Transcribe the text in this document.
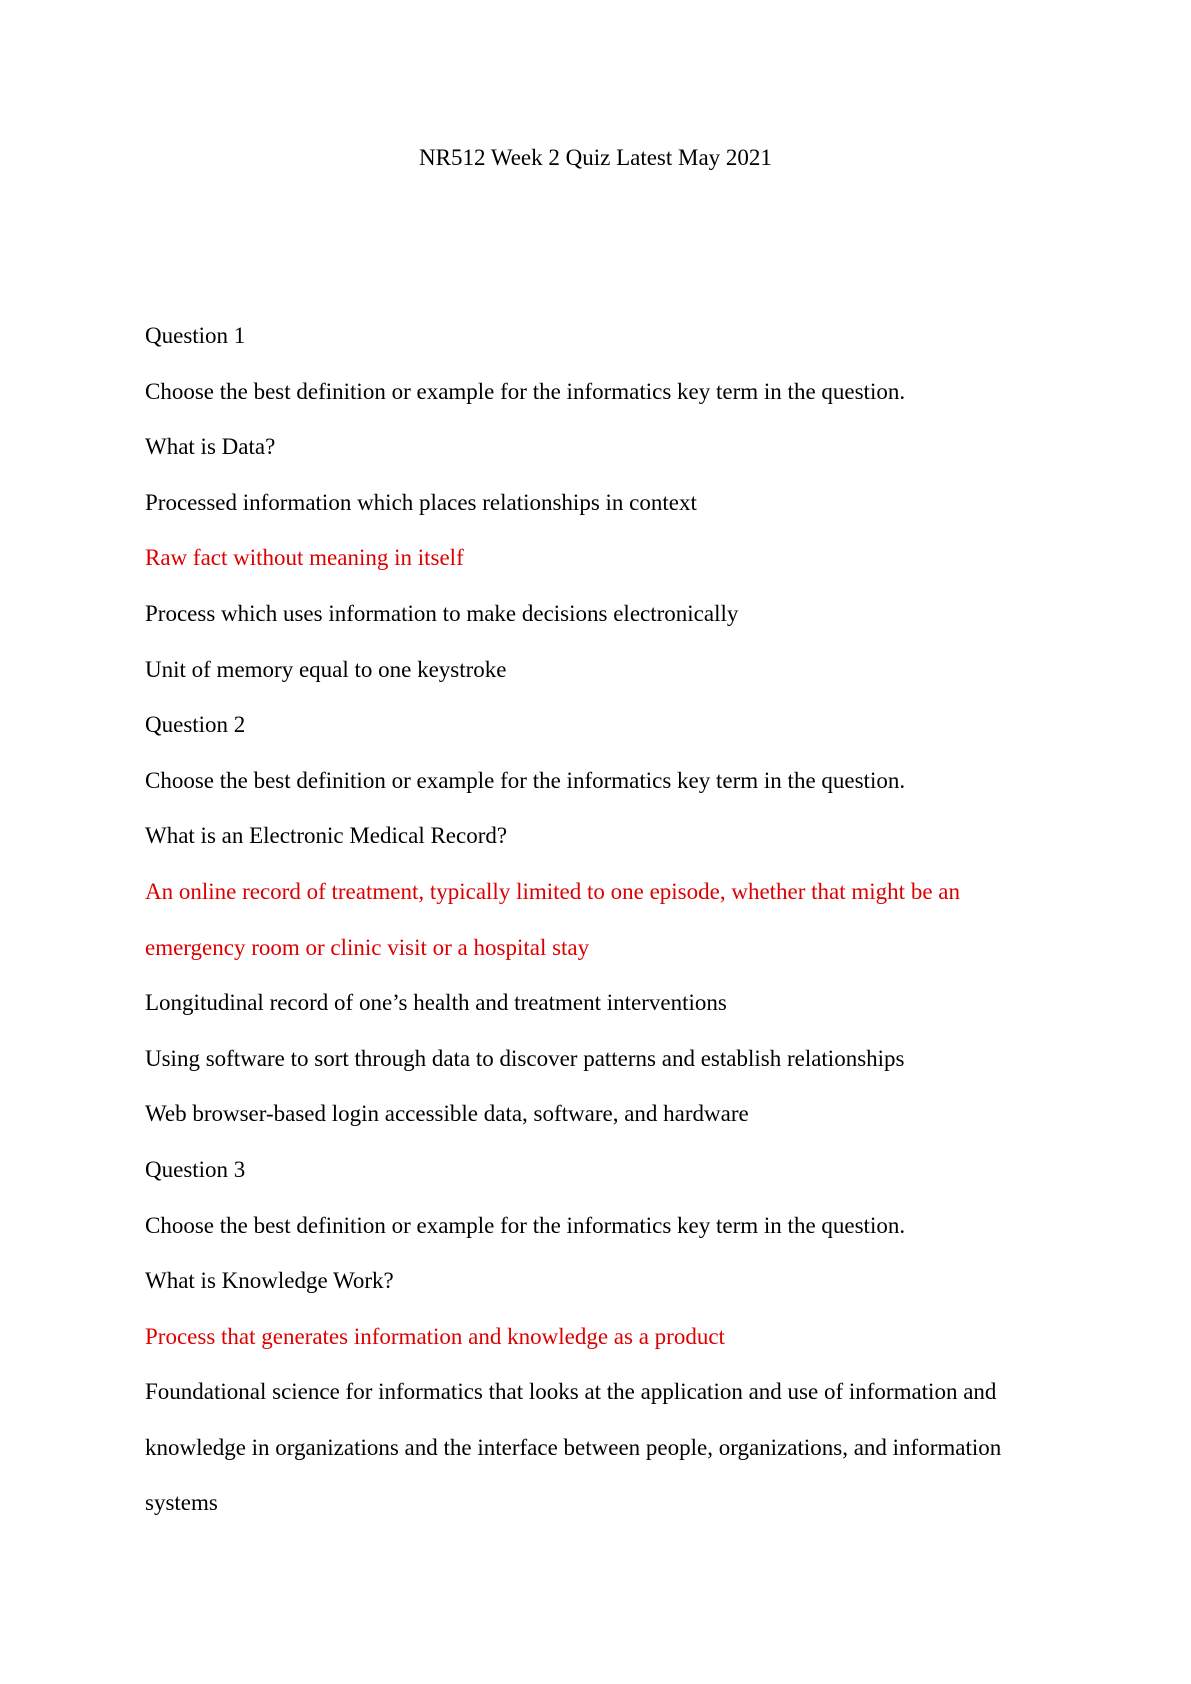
NR512 Week 2 Quiz Latest May 2021
Question 1
Choose the best definition or example for the informatics key term in the question.
What is Data?
Processed information which places relationships in context
Raw fact without meaning in itself
Process which uses information to make decisions electronically
Unit of memory equal to one keystroke
Question 2
Choose the best definition or example for the informatics key term in the question.
What is an Electronic Medical Record?
An online record of treatment, typically limited to one episode, whether that might be an
emergency room or clinic visit or a hospital stay
Longitudinal record of one’s health and treatment interventions
Using software to sort through data to discover patterns and establish relationships
Web browser-based login accessible data, software, and hardware
Question 3
Choose the best definition or example for the informatics key term in the question.
What is Knowledge Work?
Process that generates information and knowledge as a product
Foundational science for informatics that looks at the application and use of information and
knowledge in organizations and the interface between people, organizations, and information
systems
